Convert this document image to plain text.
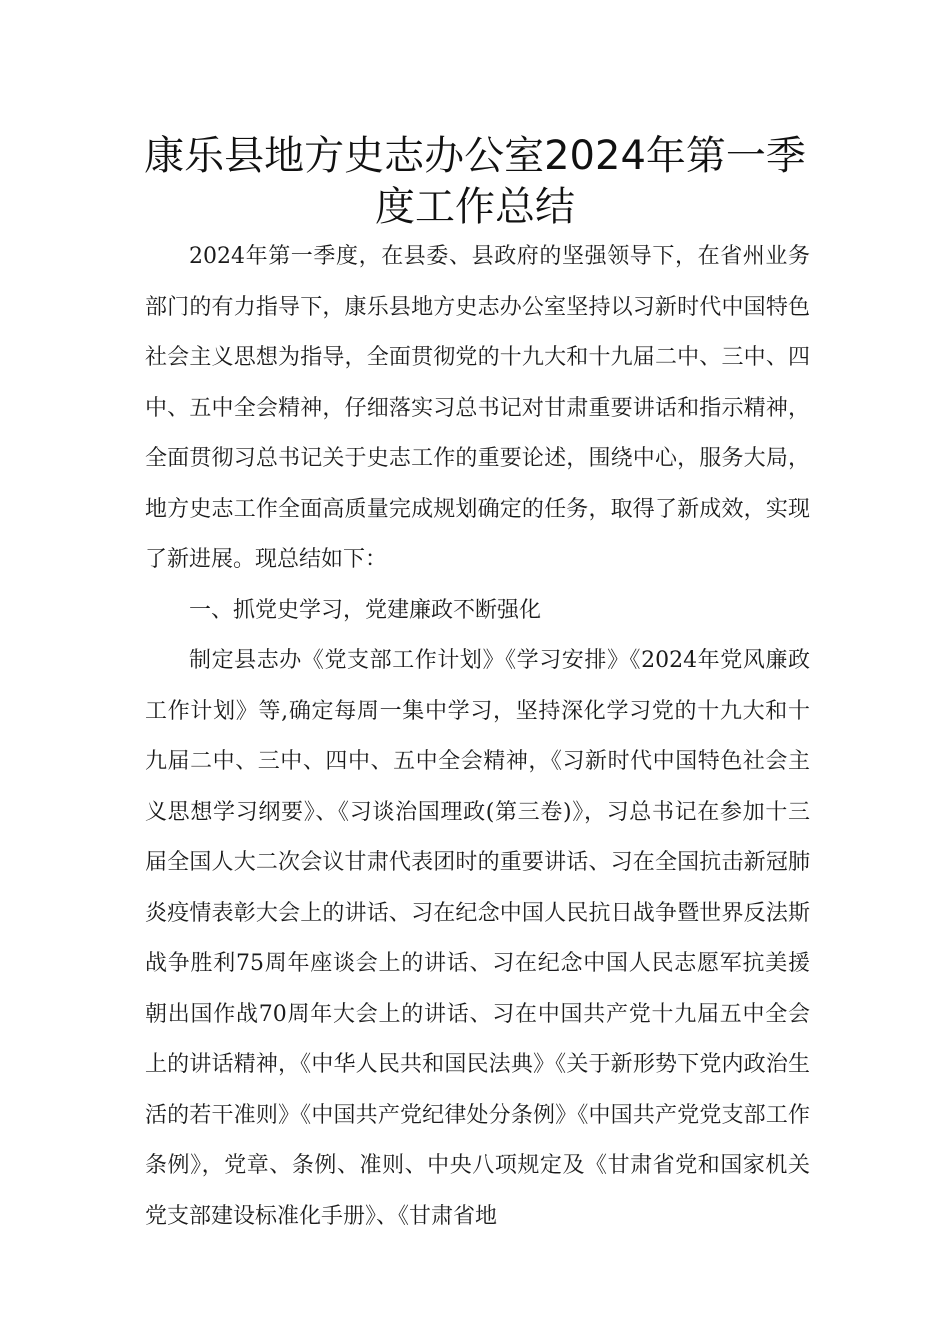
康乐县地方史志办公室2024年第一季
度工作总结

2024年第一季度，在县委、县政府的坚强领导下，在省州业务部门的有力指导下，康乐县地方史志办公室坚持以习新时代中国特色社会主义思想为指导，全面贯彻党的十九大和十九届二中、三中、四中、五中全会精神，仔细落实习总书记对甘肃重要讲话和指示精神，全面贯彻习总书记关于史志工作的重要论述，围绕中心，服务大局，地方史志工作全面高质量完成规划确定的任务，取得了新成效，实现了新进展。现总结如下：

一、抓党史学习，党建廉政不断强化

制定县志办《党支部工作计划》《学习安排》《2024年党风廉政工作计划》等,确定每周一集中学习，坚持深化学习党的十九大和十九届二中、三中、四中、五中全会精神，《习新时代中国特色社会主义思想学习纲要》、《习谈治国理政(第三卷)》，习总书记在参加十三届全国人大二次会议甘肃代表团时的重要讲话、习在全国抗击新冠肺炎疫情表彰大会上的讲话、习在纪念中国人民抗日战争暨世界反法斯战争胜利75周年座谈会上的讲话、习在纪念中国人民志愿军抗美援朝出国作战70周年大会上的讲话、习在中国共产党十九届五中全会上的讲话精神，《中华人民共和国民法典》《关于新形势下党内政治生活的若干准则》《中国共产党纪律处分条例》《中国共产党党支部工作条例》，党章、条例、准则、中央八项规定及《甘肃省党和国家机关党支部建设标准化手册》、《甘肃省地
